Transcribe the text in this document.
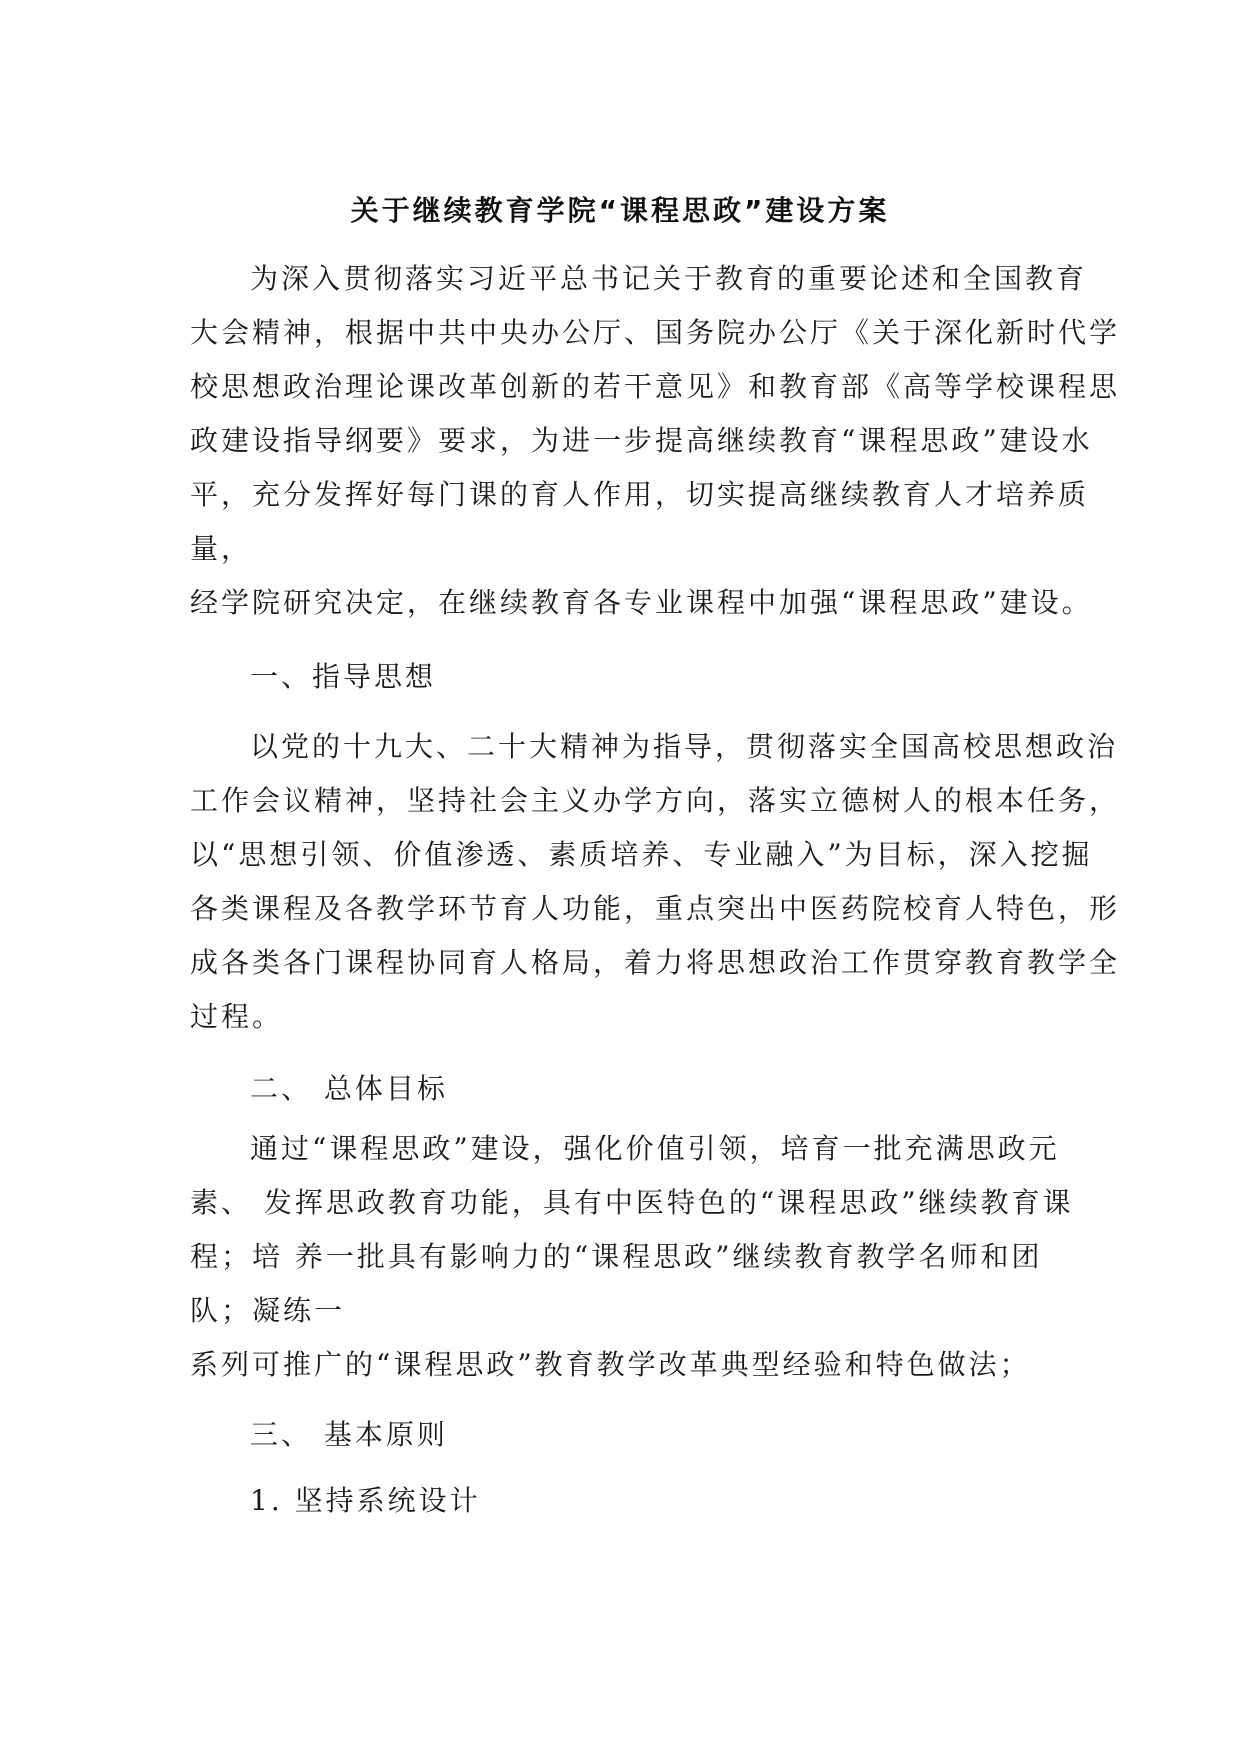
关于继续教育学院“课程思政”建设方案
为深入贯彻落实习近平总书记关于教育的重要论述和全国教育
大会精神，根据中共中央办公厅、国务院办公厅《关于深化新时代学
校思想政治理论课改革创新的若干意见》和教育部《高等学校课程思
政建设指导纲要》要求，为进一步提高继续教育“课程思政”建设水
平，充分发挥好每门课的育人作用，切实提高继续教育人才培养质
量，
经学院研究决定，在继续教育各专业课程中加强“课程思政”建设。
一、指导思想
以党的十九大、二十大精神为指导，贯彻落实全国高校思想政治
工作会议精神，坚持社会主义办学方向，落实立德树人的根本任务，
以“思想引领、价值渗透、素质培养、专业融入”为目标，深入挖掘
各类课程及各教学环节育人功能，重点突出中医药院校育人特色，形
成各类各门课程协同育人格局，着力将思想政治工作贯穿教育教学全
过程。
二、 总体目标
通过“课程思政”建设，强化价值引领，培育一批充满思政元
素、 发挥思政教育功能，具有中医特色的“课程思政”继续教育课
程；培 养一批具有影响力的“课程思政”继续教育教学名师和团
队；凝练一
系列可推广的“课程思政”教育教学改革典型经验和特色做法；
三、 基本原则
1. 坚持系统设计
